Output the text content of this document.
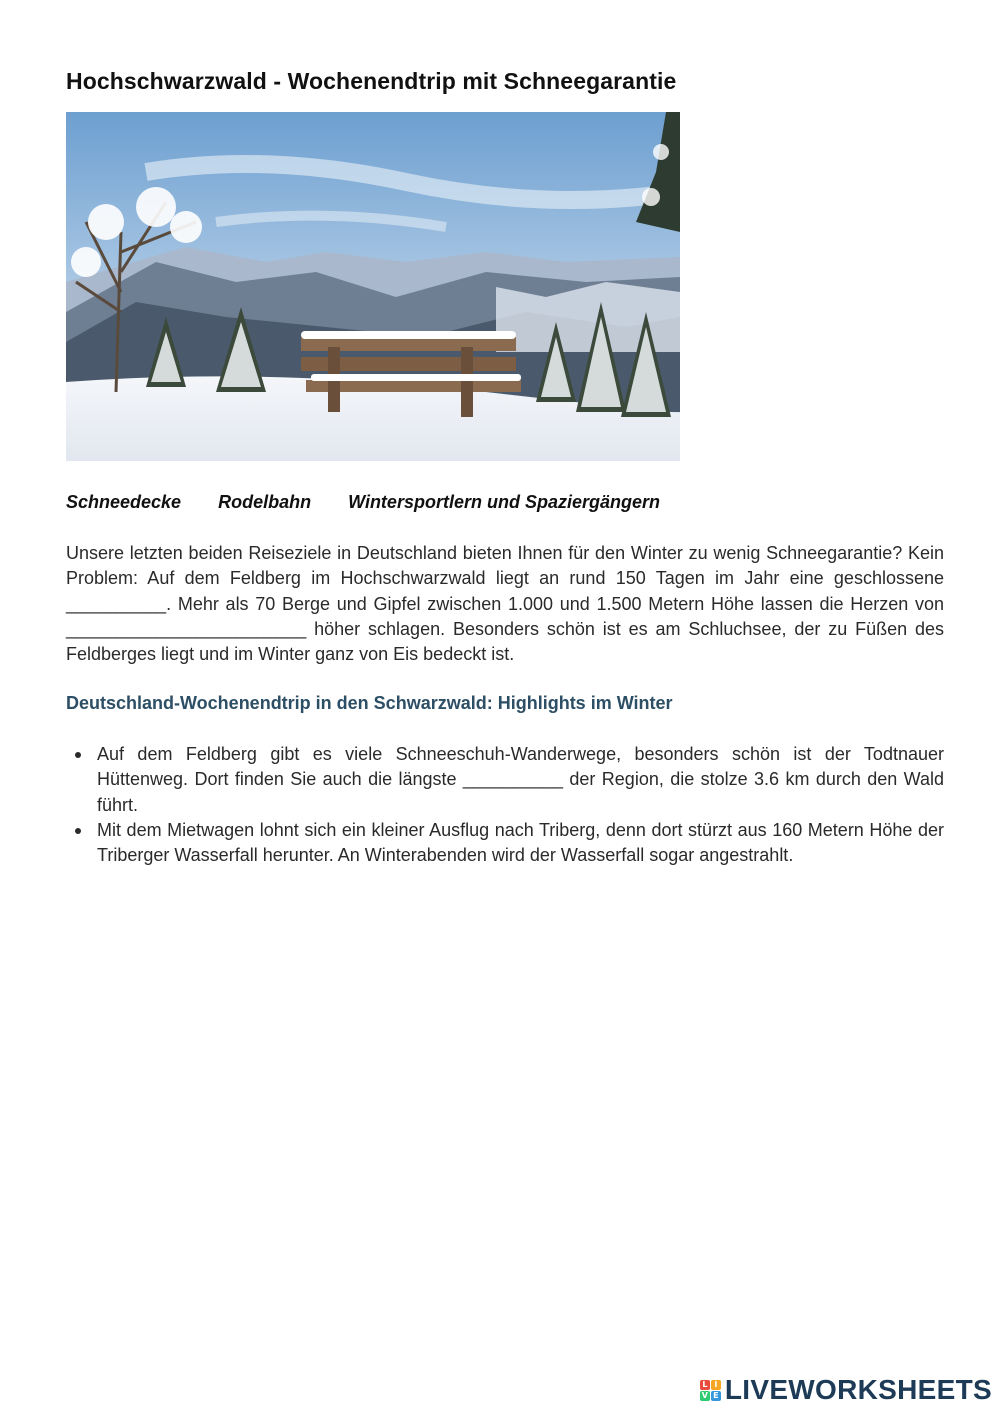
Hochschwarzwald - Wochenendtrip mit Schneegarantie
Schneedecke Rodelbahn Wintersportlern und Spaziergängern

Unsere letzten beiden Reiseziele in Deutschland bieten Ihnen für den Winter zu wenig Schneegarantie? Kein Problem: Auf dem Feldberg im Hochschwarzwald liegt an rund 150 Tagen im Jahr eine geschlossene __________. Mehr als 70 Berge und Gipfel zwischen 1.000 und 1.500 Metern Höhe lassen die Herzen von ________________________ höher schlagen. Besonders schön ist es am Schluchsee, der zu Füßen des Feldberges liegt und im Winter ganz von Eis bedeckt ist.

Deutschland-Wochenendtrip in den Schwarzwald: Highlights im Winter
Auf dem Feldberg gibt es viele Schneeschuh-Wanderwege, besonders schön ist der Todtnauer Hüttenweg. Dort finden Sie auch die längste __________ der Region, die stolze 3.6 km durch den Wald führt.
Mit dem Mietwagen lohnt sich ein kleiner Ausflug nach Triberg, denn dort stürzt aus 160 Metern Höhe der Triberger Wasserfall herunter. An Winterabenden wird der Wasserfall sogar angestrahlt.
L I
V E LIVEWORKSHEETS
